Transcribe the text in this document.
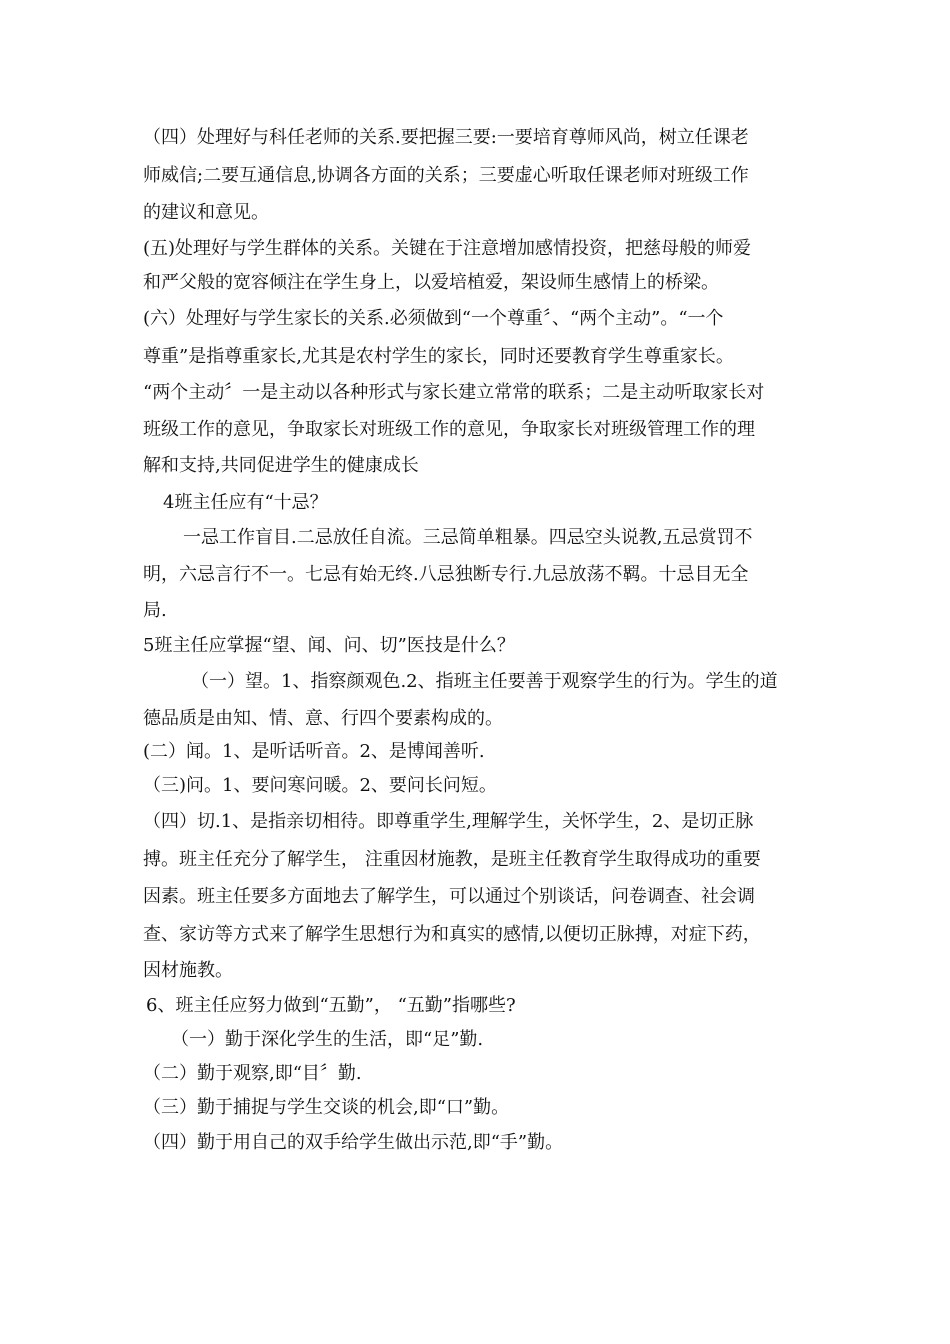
（四）处理好与科任老师的关系.要把握三要:一要培育尊师风尚，树立任课老
师威信;二要互通信息,协调各方面的关系；三要虚心听取任课老师对班级工作
的建议和意见。
(五)处理好与学生群体的关系。关键在于注意增加感情投资，把慈母般的师爱
和严父般的宽容倾注在学生身上，以爱培植爱，架设师生感情上的桥梁。
(六）处理好与学生家长的关系.必须做到“一个尊重〞、“两个主动”。“一个
尊重”是指尊重家长,尤其是农村学生的家长，同时还要教育学生尊重家长。
“两个主动〞一是主动以各种形式与家长建立常常的联系；二是主动听取家长对
班级工作的意见，争取家长对班级工作的意见，争取家长对班级管理工作的理
解和支持,共同促进学生的健康成长
4班主任应有“十忌？
一忌工作盲目.二忌放任自流。三忌简单粗暴。四忌空头说教,五忌赏罚不
明，六忌言行不一。七忌有始无终.八忌独断专行.九忌放荡不羁。十忌目无全
局.
5班主任应掌握“望、闻、问、切”医技是什么？
（一）望。1、指察颜观色.2、指班主任要善于观察学生的行为。学生的道
德品质是由知、情、意、行四个要素构成的。
(二）闻。1、是听话听音。2、是博闻善听.
（三)问。1、要问寒问暖。2、要问长问短。
（四）切.1、是指亲切相待。即尊重学生,理解学生，关怀学生，2、是切正脉
搏。班主任充分了解学生， 注重因材施教，是班主任教育学生取得成功的重要
因素。班主任要多方面地去了解学生，可以通过个别谈话，问卷调查、社会调
查、家访等方式来了解学生思想行为和真实的感情,以便切正脉搏，对症下药，
因材施教。
6、班主任应努力做到“五勤”， “五勤”指哪些?
（一）勤于深化学生的生活，即“足”勤.
（二）勤于观察,即“目〞勤.
（三）勤于捕捉与学生交谈的机会,即“口”勤。
（四）勤于用自己的双手给学生做出示范,即“手”勤。
